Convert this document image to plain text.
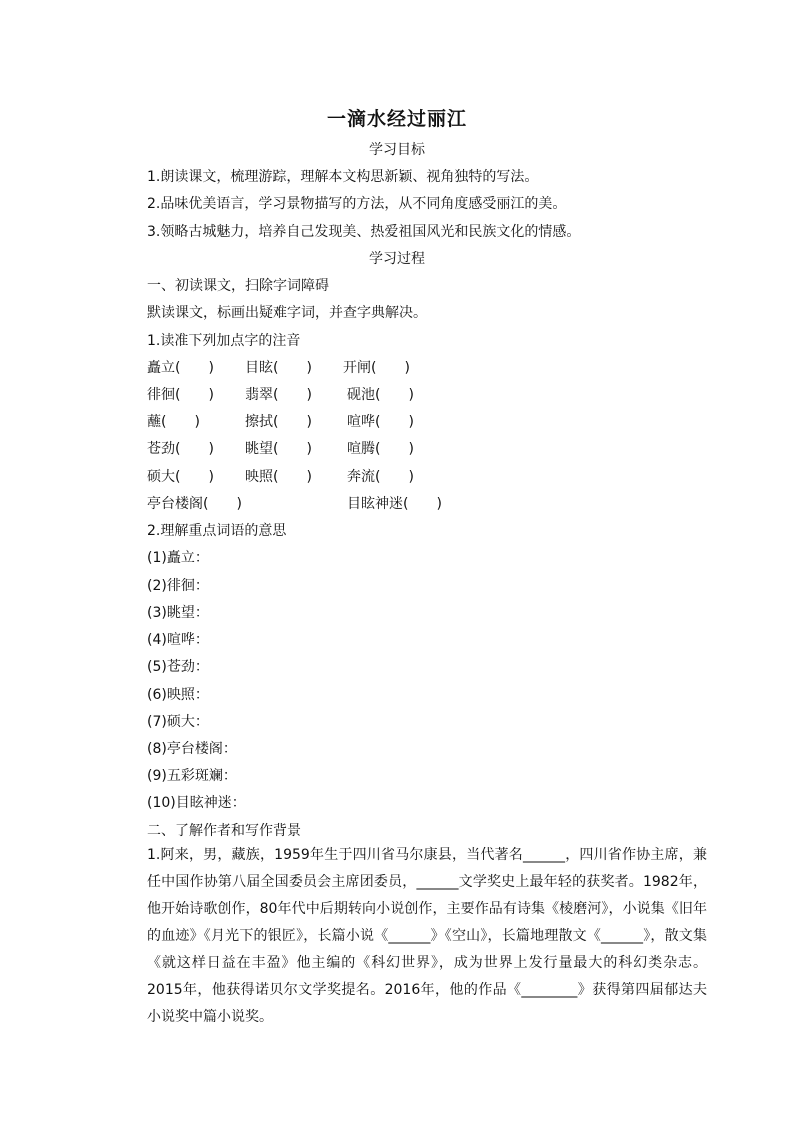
一滴水经过丽江
学习目标
1.朗读课文，梳理游踪，理解本文构思新颖、视角独特的写法。
2.品味优美语言，学习景物描写的方法，从不同角度感受丽江的美。
3.领略古城魅力，培养自己发现美、热爱祖国风光和民族文化的情感。
学习过程
一、初读课文，扫除字词障碍
默读课文，标画出疑难字词，并查字典解决。
1.读准下列加点字的注音
矗立(　　) 目眩(　　) 开闸(　　)
徘徊(　　) 翡翠(　　)	砚池(　　)
蘸(　　)	擦拭(　　)	喧哗(　　)
苍劲(　　) 眺望(　　)	喧腾(　　)
硕大(　　) 映照(　　)	奔流(　　)
亭台楼阁(　　)	目眩神迷(　　)
2.理解重点词语的意思
(1)矗立：
(2)徘徊：
(3)眺望：
(4)喧哗：
(5)苍劲：
(6)映照：
(7)硕大：
(8)亭台楼阁：
(9)五彩斑斓：
(10)目眩神迷：
二、了解作者和写作背景

1.阿来，男，藏族，1959年生于四川省马尔康县，当代著名______，四川省作协主席，兼任中国作协第八届全国委员会主席团委员，______文学奖史上最年轻的获奖者。1982年，他开始诗歌创作，80年代中后期转向小说创作，主要作品有诗集《棱磨河》，小说集《旧年的血迹》《月光下的银匠》，长篇小说《______》《空山》，长篇地理散文《______》，散文集《就这样日益在丰盈》他主编的《科幻世界》，成为世界上发行量最大的科幻类杂志。2015年，他获得诺贝尔文学奖提名。2016年，他的作品《________》获得第四届郁达夫小说奖中篇小说奖。
